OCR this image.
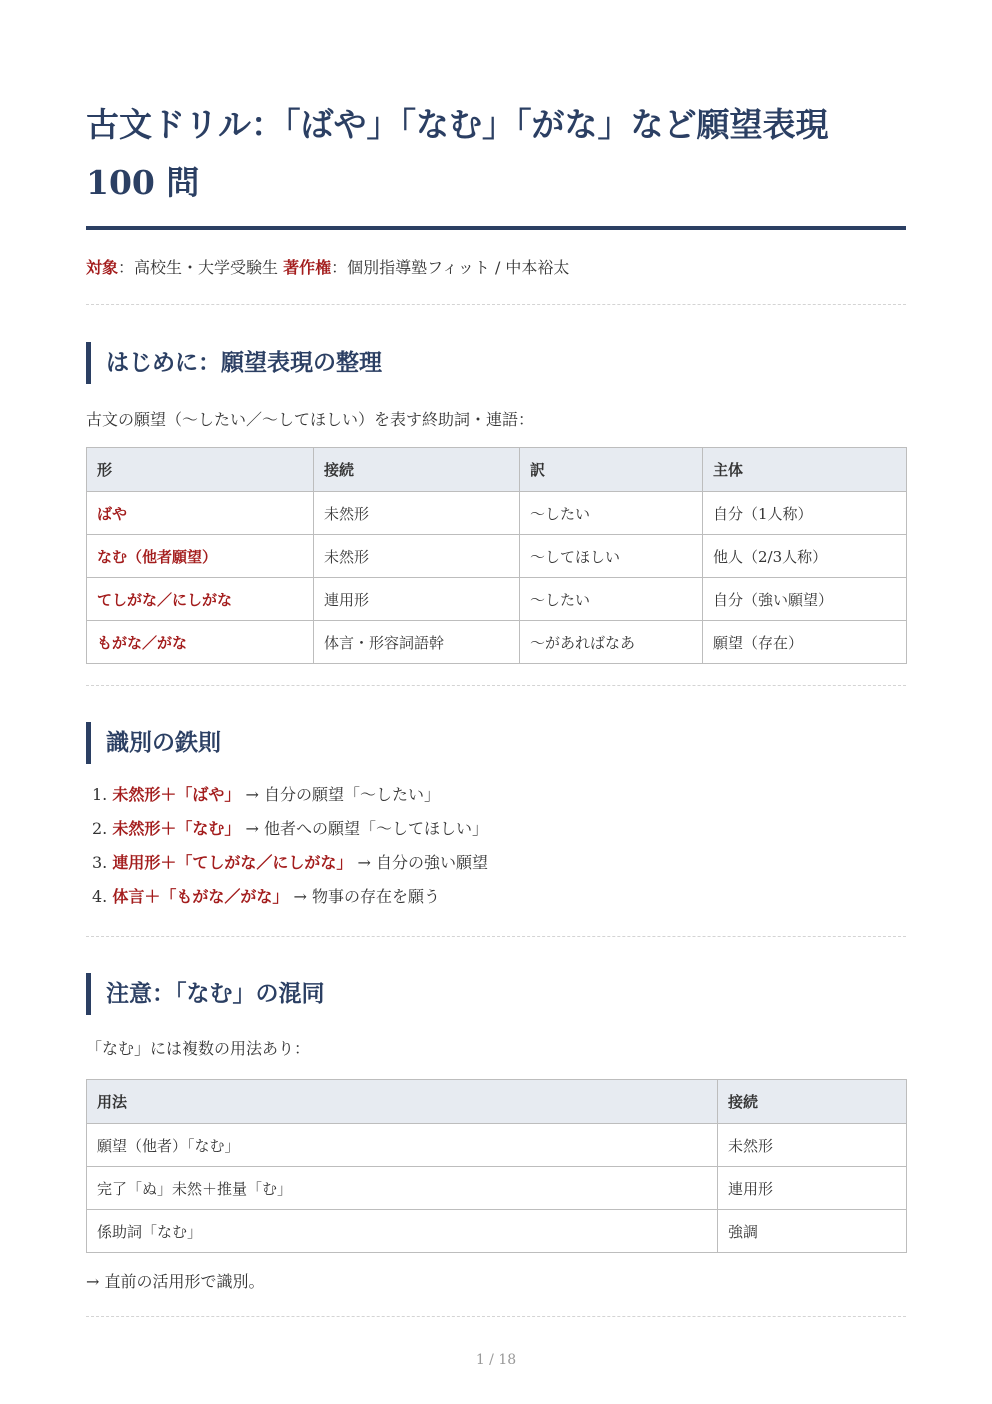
古文ドリル：「ばや」「なむ」「がな」など願望表現 100 問
対象：高校生・大学受験生 著作権：個別指導塾フィット / 中本裕太
はじめに：願望表現の整理

古文の願望（〜したい／〜してほしい）を表す終助詞・連語：

形	接続	訳	主体
ばや	未然形	〜したい	自分（1人称）
なむ（他者願望）	未然形	〜してほしい	他人（2/3人称）
てしがな／にしがな	連用形	〜したい	自分（強い願望）
もがな／がな	体言・形容詞語幹	〜があればなあ	願望（存在）
識別の鉄則
1. 未然形＋「ばや」 → 自分の願望「〜したい」
2. 未然形＋「なむ」 → 他者への願望「〜してほしい」
3. 連用形＋「てしがな／にしがな」 → 自分の強い願望
4. 体言＋「もがな／がな」 → 物事の存在を願う
注意：「なむ」の混同

「なむ」には複数の用法あり：

用法	接続
願望（他者）「なむ」	未然形
完了「ぬ」未然＋推量「む」	連用形
係助詞「なむ」	強調

→ 直前の活用形で識別。

1 / 18
